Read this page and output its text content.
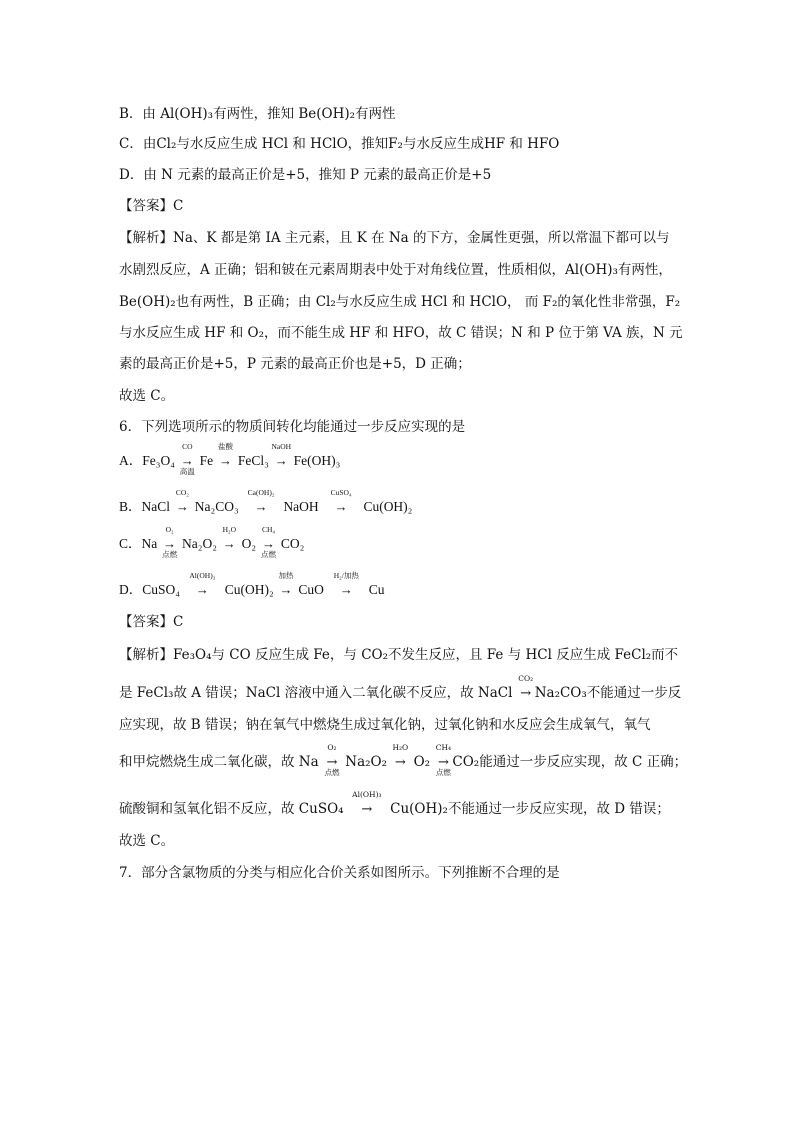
B．由 Al(OH)₃有两性，推知 Be(OH)₂有两性
C．由Cl₂与水反应生成 HCl 和 HClO，推知F₂与水反应生成HF 和 HFO
D．由 N 元素的最高正价是+5，推知 P 元素的最高正价是+5
【答案】C
【解析】Na、K 都是第 IA 主元素，且 K 在 Na 的下方，金属性更强，所以常温下都可以与
水剧烈反应，A 正确；铝和铍在元素周期表中处于对角线位置，性质相似，Al(OH)₃有两性，
Be(OH)₂也有两性，B 正确；由 Cl₂与水反应生成 HCl 和 HClO， 而 F₂的氧化性非常强，F₂
与水反应生成 HF 和 O₂，而不能生成 HF 和 HFO，故 C 错误；N 和 P 位于第 VA 族，N 元
素的最高正价是+5，P 元素的最高正价也是+5，D 正确；
故选 C。
6．下列选项所示的物质间转化均能通过一步反应实现的是
A．Fe₃O₄
CO
→
高温
Fe
盐酸
→ FeCl₃
NaOH
→ Fe(OH)₃
B．NaCl
CO₂
→ Na₂CO₃
Ca(OH)₂
→ NaOH
CuSO₄
→ Cu(OH)₂
C．Na
O₂
→
点燃
Na₂O₂
H₂O
→ O₂
CH₄
→
点燃
CO₂
D．CuSO₄
Al(OH)₃
→ Cu(OH)₂
加热
→ CuO
H₂/加热
→ Cu
【答案】C
【解析】Fe₃O₄与 CO 反应生成 Fe，与 CO₂不发生反应，且 Fe 与 HCl 反应生成 FeCl₂而不
是 FeCl₃故 A 错误；NaCl 溶液中通入二氧化碳不反应，故 NaCl
CO₂
→ Na₂CO₃不能通过一步反
应实现，故 B 错误；钠在氧气中燃烧生成过氧化钠，过氧化钠和水反应会生成氧气，氧气
和甲烷燃烧生成二氧化碳，故 Na
O₂
→
点燃
Na₂O₂
H₂O
→ O₂
CH₄
→
点燃
CO₂能通过一步反应实现，故 C 正确；
硫酸铜和氢氧化铝不反应，故 CuSO₄
Al(OH)₃
→ Cu(OH)₂不能通过一步反应实现，故 D 错误；
故选 C。
7．部分含氯物质的分类与相应化合价关系如图所示。下列推断不合理的是
